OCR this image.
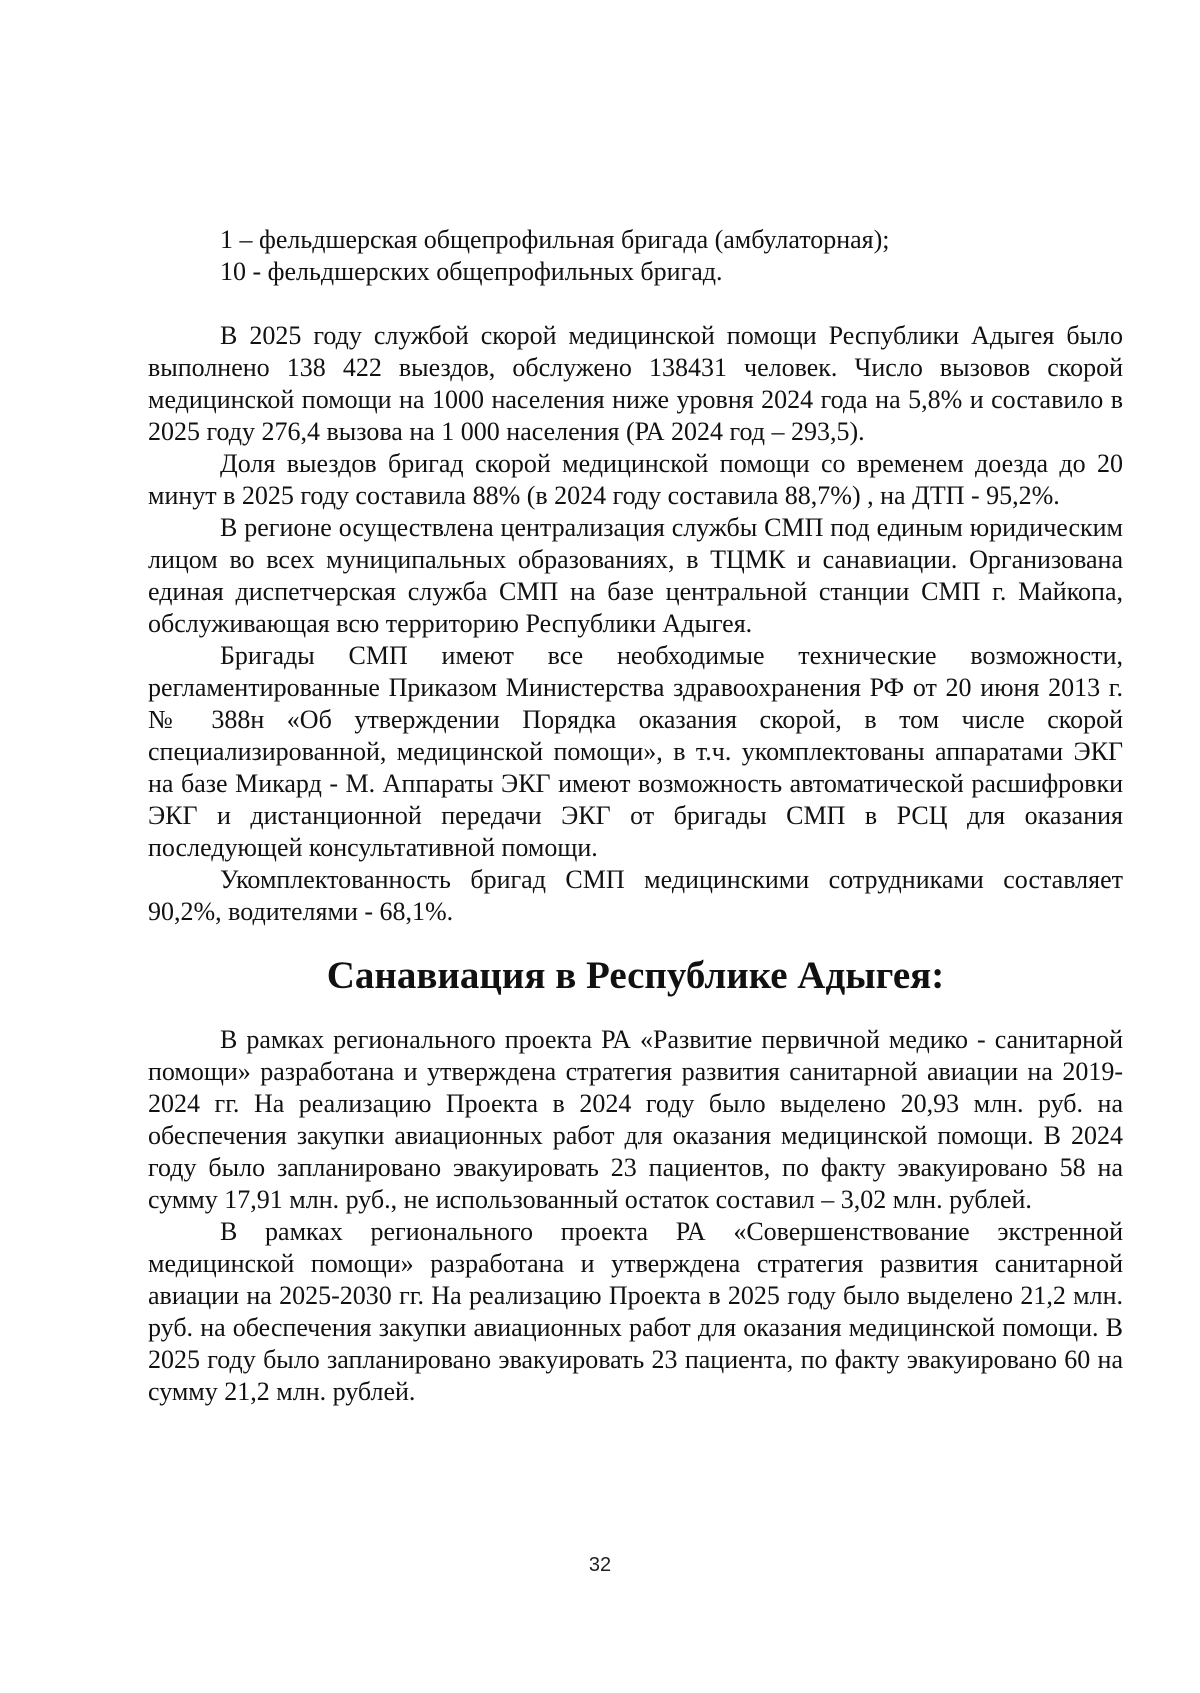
1 – фельдшерская общепрофильная бригада (амбулаторная);

10 - фельдшерских общепрофильных бригад.

В 2025 году службой скорой медицинской помощи Республики Адыгея было выполнено 138 422 выездов, обслужено 138431 человек. Число вызовов скорой медицинской помощи на 1000 населения ниже уровня 2024 года на 5,8% и составило в 2025 году 276,4 вызова на 1 000 населения (РА 2024 год – 293,5).

Доля выездов бригад скорой медицинской помощи со временем доезда до 20 минут в 2025 году составила 88% (в 2024 году составила 88,7%) , на ДТП - 95,2%.

В регионе осуществлена централизация службы СМП под единым юридическим лицом во всех муниципальных образованиях, в ТЦМК и санавиации. Организована единая диспетчерская служба СМП на базе центральной станции СМП г. Майкопа, обслуживающая всю территорию Республики Адыгея.

Бригады СМП имеют все необходимые технические возможности, регламентированные Приказом Министерства здравоохранения РФ от 20 июня 2013 г. № 388н «Об утверждении Порядка оказания скорой, в том числе скорой специализированной, медицинской помощи», в т.ч. укомплектованы аппаратами ЭКГ на базе Микард - М. Аппараты ЭКГ имеют возможность автоматической расшифровки ЭКГ и дистанционной передачи ЭКГ от бригады СМП в РСЦ для оказания последующей консультативной помощи.

Укомплектованность бригад СМП медицинскими сотрудниками составляет 90,2%, водителями - 68,1%.

Санавиация в Республике Адыгея:

В рамках регионального проекта РА «Развитие первичной медико - санитарной помощи» разработана и утверждена стратегия развития санитарной авиации на 2019-2024 гг. На реализацию Проекта в 2024 году было выделено 20,93 млн. руб. на обеспечения закупки авиационных работ для оказания медицинской помощи. В 2024 году было запланировано эвакуировать 23 пациентов, по факту эвакуировано 58 на сумму 17,91 млн. руб., не использованный остаток составил – 3,02 млн. рублей.

В рамках регионального проекта РА «Совершенствование экстренной медицинской помощи» разработана и утверждена стратегия развития санитарной авиации на 2025-2030 гг. На реализацию Проекта в 2025 году было выделено 21,2 млн. руб. на обеспечения закупки авиационных работ для оказания медицинской помощи. В 2025 году было запланировано эвакуировать 23 пациента, по факту эвакуировано 60 на сумму 21,2 млн. рублей.

32
